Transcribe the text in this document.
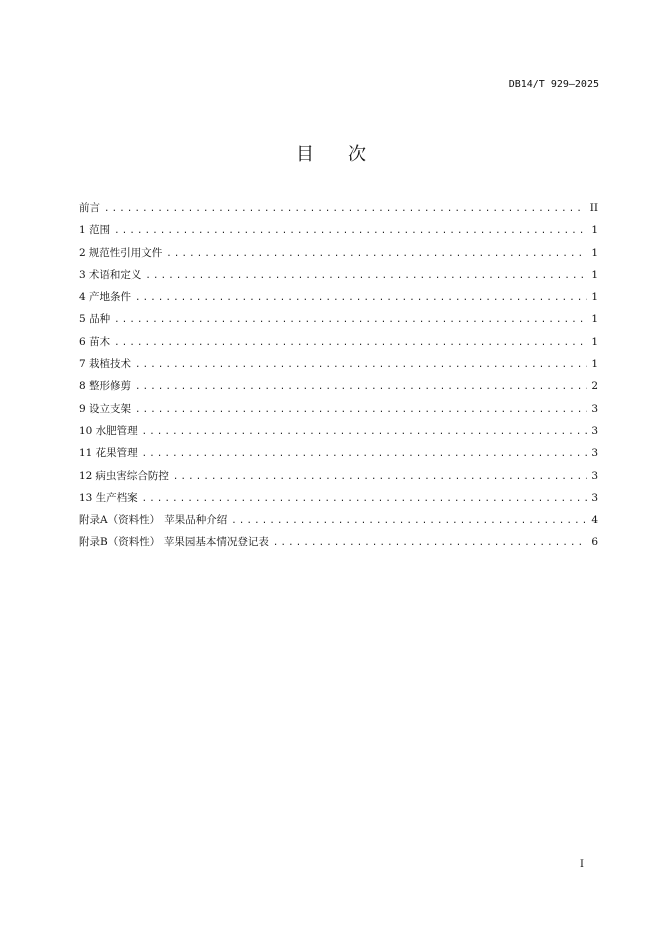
DB14/T 929—2025
目次
前言 .....	II
1 范围 .....	1
2 规范性引用文件 .....	1
3 术语和定义 .....	1
4 产地条件 .....	1
5 品种 .....	1
6 苗木 .....	1
7 栽植技术 .....	1
8 整形修剪 .....	2
9 设立支架 .....	3
10 水肥管理 .....	3
11 花果管理 .....	3
12 病虫害综合防控 .....	3
13 生产档案 .....	3
附录A（资料性） 苹果品种介绍 .....	4
附录B（资料性） 苹果园基本情况登记表 .....	6
I
